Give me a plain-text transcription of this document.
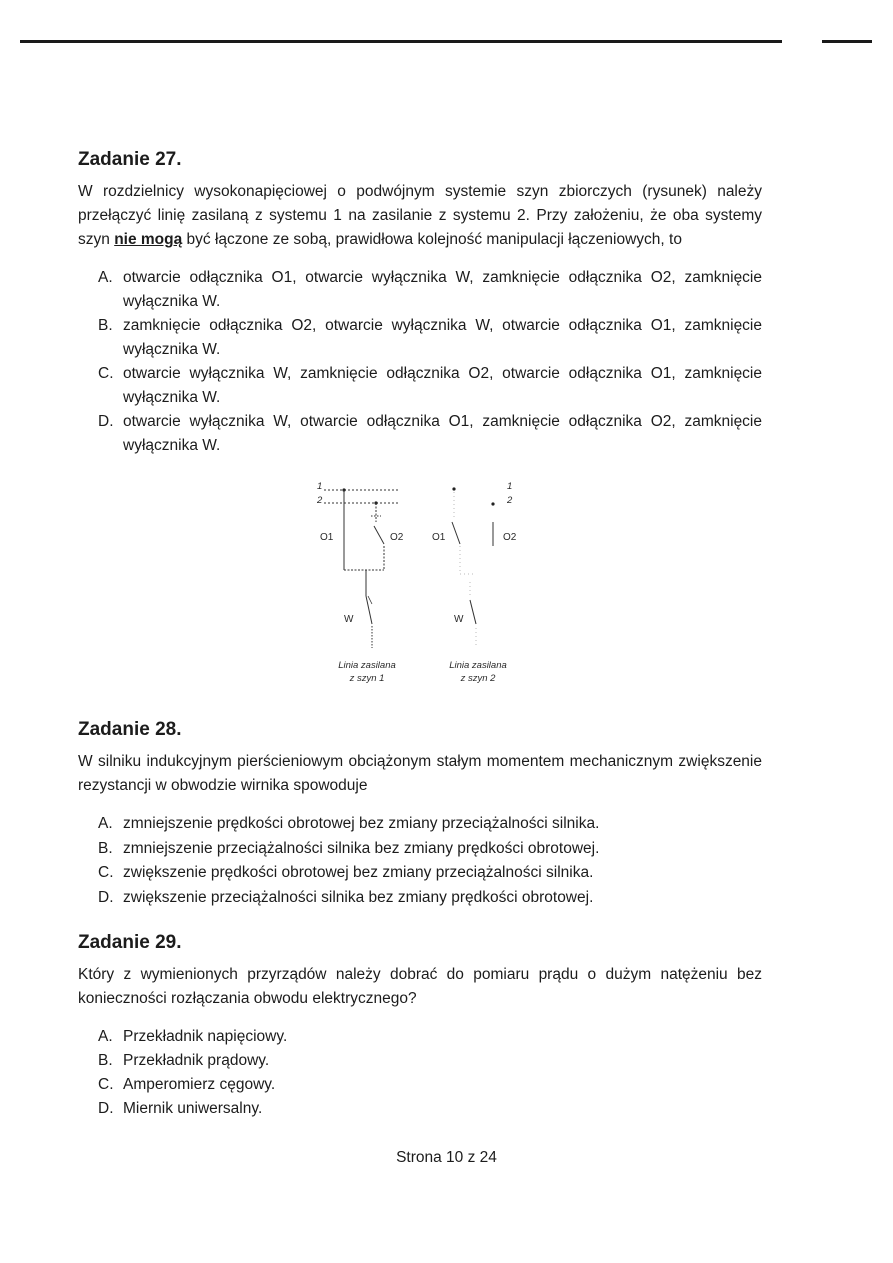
Zadanie 27.

W rozdzielnicy wysokonapięciowej o podwójnym systemie szyn zbiorczych (rysunek) należy przełączyć linię zasilaną z systemu 1 na zasilanie z systemu 2. Przy założeniu, że oba systemy szyn nie mogą być łączone ze sobą, prawidłowa kolejność manipulacji łączeniowych, to

A. otwarcie odłącznika O1, otwarcie wyłącznika W, zamknięcie odłącznika O2, zamknięcie wyłącznika W.
B. zamknięcie odłącznika O2, otwarcie wyłącznika W, otwarcie odłącznika O1, zamknięcie wyłącznika W.
C. otwarcie wyłącznika W, zamknięcie odłącznika O2, otwarcie odłącznika O1, zamknięcie wyłącznika W.
D. otwarcie wyłącznika W, otwarcie odłącznika O1, zamknięcie odłącznika O2, zamknięcie wyłącznika W.
1
2
O1	O2
W
Linia zasilana
z szyn 1
1
2
O1	O2
W
Linia zasilana
z szyn 2
Zadanie 28.

W silniku indukcyjnym pierścieniowym obciążonym stałym momentem mechanicznym zwiększenie rezystancji w obwodzie wirnika spowoduje

A. zmniejszenie prędkości obrotowej bez zmiany przeciążalności silnika.
B. zmniejszenie przeciążalności silnika bez zmiany prędkości obrotowej.
C. zwiększenie prędkości obrotowej bez zmiany przeciążalności silnika.
D. zwiększenie przeciążalności silnika bez zmiany prędkości obrotowej.
Zadanie 29.

Który z wymienionych przyrządów należy dobrać do pomiaru prądu o dużym natężeniu bez konieczności rozłączania obwodu elektrycznego?

A. Przekładnik napięciowy.
B. Przekładnik prądowy.
C. Amperomierz cęgowy.
D. Miernik uniwersalny.
Strona 10 z 24
